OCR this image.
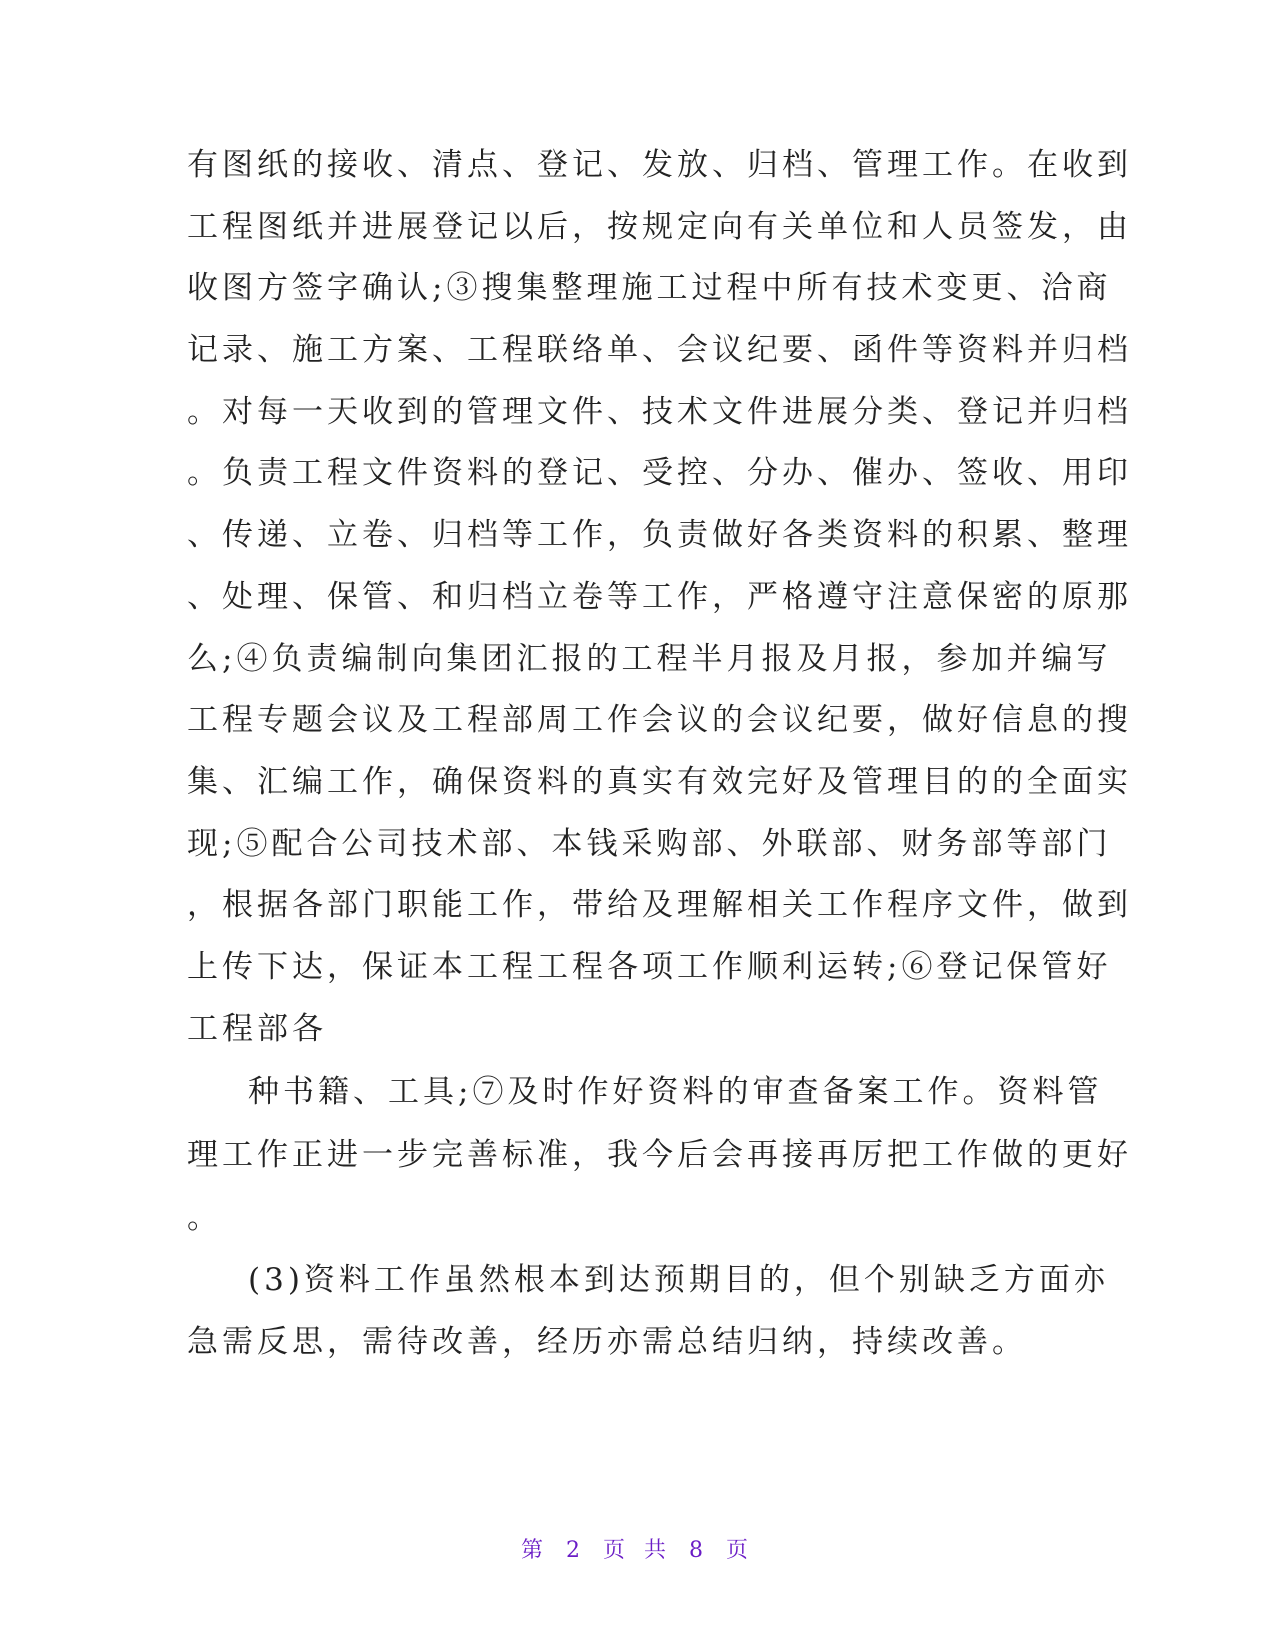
有图纸的接收、清点、登记、发放、归档、管理工作。在收到
工程图纸并进展登记以后，按规定向有关单位和人员签发，由
收图方签字确认;③搜集整理施工过程中所有技术变更、洽商
记录、施工方案、工程联络单、会议纪要、函件等资料并归档
。对每一天收到的管理文件、技术文件进展分类、登记并归档
。负责工程文件资料的登记、受控、分办、催办、签收、用印
、传递、立卷、归档等工作，负责做好各类资料的积累、整理
、处理、保管、和归档立卷等工作，严格遵守注意保密的原那
么;④负责编制向集团汇报的工程半月报及月报，参加并编写
工程专题会议及工程部周工作会议的会议纪要，做好信息的搜
集、汇编工作，确保资料的真实有效完好及管理目的的全面实
现;⑤配合公司技术部、本钱采购部、外联部、财务部等部门
，根据各部门职能工作，带给及理解相关工作程序文件，做到
上传下达，保证本工程工程各项工作顺利运转;⑥登记保管好
工程部各
种书籍、工具;⑦及时作好资料的审查备案工作。资料管
理工作正进一步完善标准，我今后会再接再厉把工作做的更好
。
(3)资料工作虽然根本到达预期目的，但个别缺乏方面亦
急需反思，需待改善，经历亦需总结归纳，持续改善。
第 2 页 共 8 页
